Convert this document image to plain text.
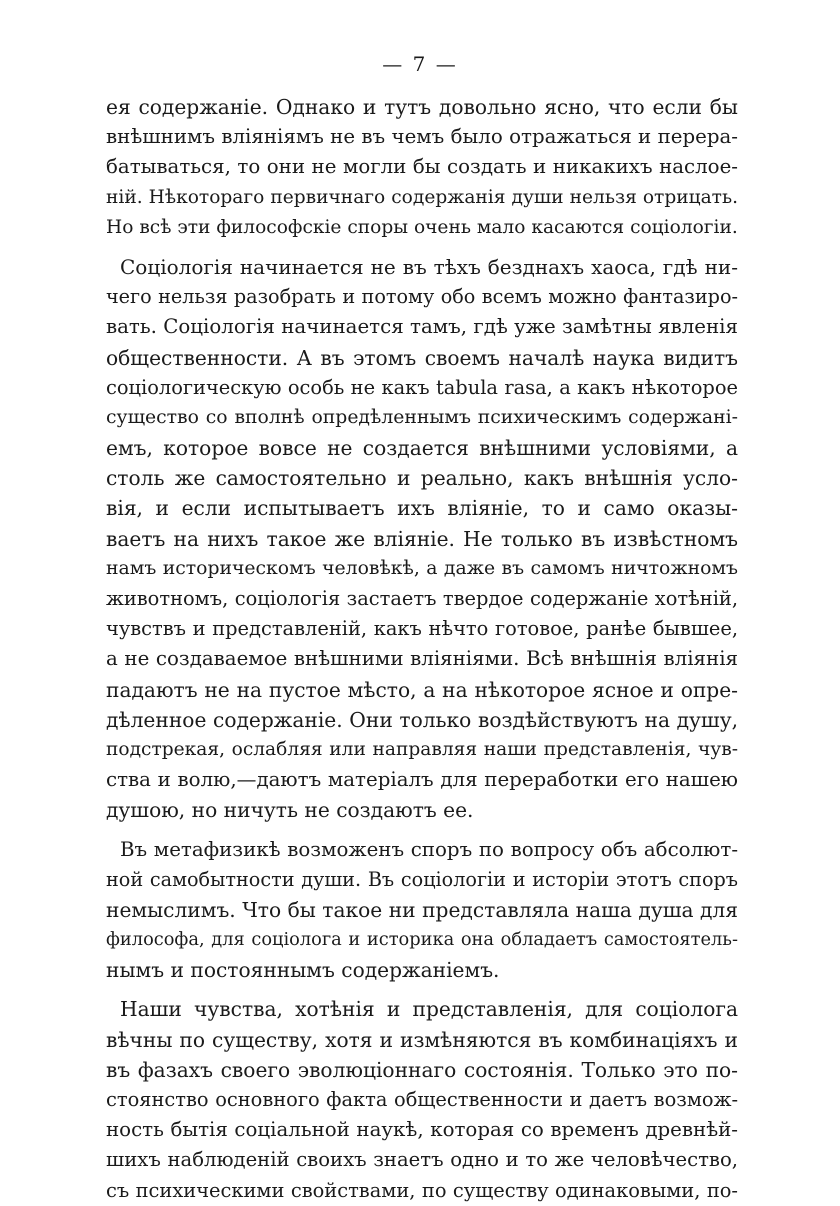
— 7 —
ея содержаніе. Однако и тутъ довольно ясно, что если бы
внѣшнимъ вліяніямъ не въ чемъ было отражаться и перера-
батываться, то они не могли бы создать и никакихъ наслое-
ній. Нѣкотораго первичнаго содержанія души нельзя отрицать.
Но всѣ эти философскіе споры очень мало касаются соціологіи.
Соціологія начинается не въ тѣхъ безднахъ хаоса, гдѣ ни-
чего нельзя разобрать и потому обо всемъ можно фантазиро-
вать. Соціологія начинается тамъ, гдѣ уже замѣтны явленія
общественности. А въ этомъ своемъ началѣ наука видитъ
соціологическую особь не какъ tabula rasa, а какъ нѣкоторое
существо со вполнѣ опредѣленнымъ психическимъ содержані-
емъ, которое вовсе не создается внѣшними условіями, а
столь же самостоятельно и реально, какъ внѣшнія усло-
вія, и если испытываетъ ихъ вліяніе, то и само оказы-
ваетъ на нихъ такое же вліяніе. Не только въ извѣстномъ
намъ историческомъ человѣкѣ, а даже въ самомъ ничтожномъ
животномъ, соціологія застаетъ твердое содержаніе хотѣній,
чувствъ и представленій, какъ нѣчто готовое, ранѣе бывшее,
а не создаваемое внѣшними вліяніями. Всѣ внѣшнія вліянія
падаютъ не на пустое мѣсто, а на нѣкоторое ясное и опре-
дѣленное содержаніе. Они только воздѣйствуютъ на душу,
подстрекая, ослабляя или направляя наши представленія, чув-
ства и волю,—даютъ матеріалъ для переработки его нашею
душою, но ничуть не создаютъ ее.
Въ метафизикѣ возможенъ споръ по вопросу объ абсолют-
ной самобытности души. Въ соціологіи и исторіи этотъ споръ
немыслимъ. Что бы такое ни представляла наша душа для
философа, для соціолога и историка она обладаетъ самостоятель-
нымъ и постояннымъ содержаніемъ.
Наши чувства, хотѣнія и представленія, для соціолога
вѣчны по существу, хотя и измѣняются въ комбинаціяхъ и
въ фазахъ своего эволюціоннаго состоянія. Только это по-
стоянство основного факта общественности и даетъ возмож-
ность бытія соціальной наукѣ, которая со временъ древнѣй-
шихъ наблюденій своихъ знаетъ одно и то же человѣчество,
съ психическими свойствами, по существу одинаковыми, по-
